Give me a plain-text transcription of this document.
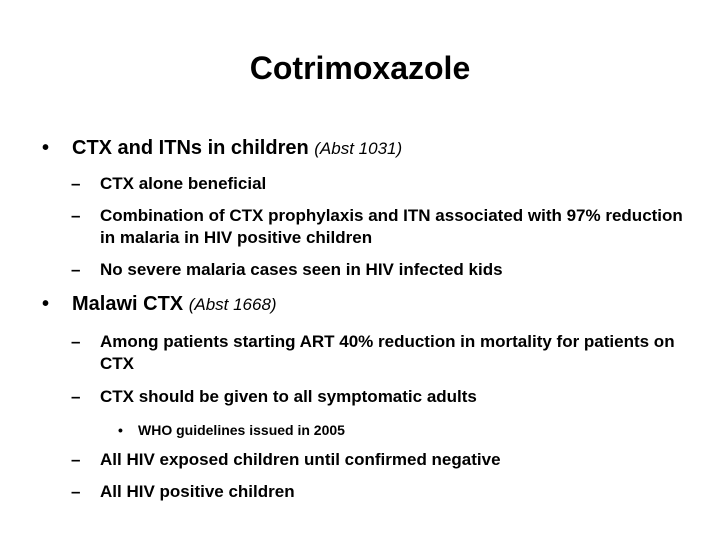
Cotrimoxazole
• CTX and ITNs in children (Abst 1031)
– CTX alone beneficial
– Combination of CTX prophylaxis and ITN associated with 97% reduction in malaria in HIV positive children
– No severe malaria cases seen in HIV infected kids
• Malawi CTX (Abst 1668)
– Among patients starting ART 40% reduction in mortality for patients on CTX
– CTX should be given to all symptomatic adults
• WHO guidelines issued in 2005
– All HIV exposed children until confirmed negative
– All HIV positive children
